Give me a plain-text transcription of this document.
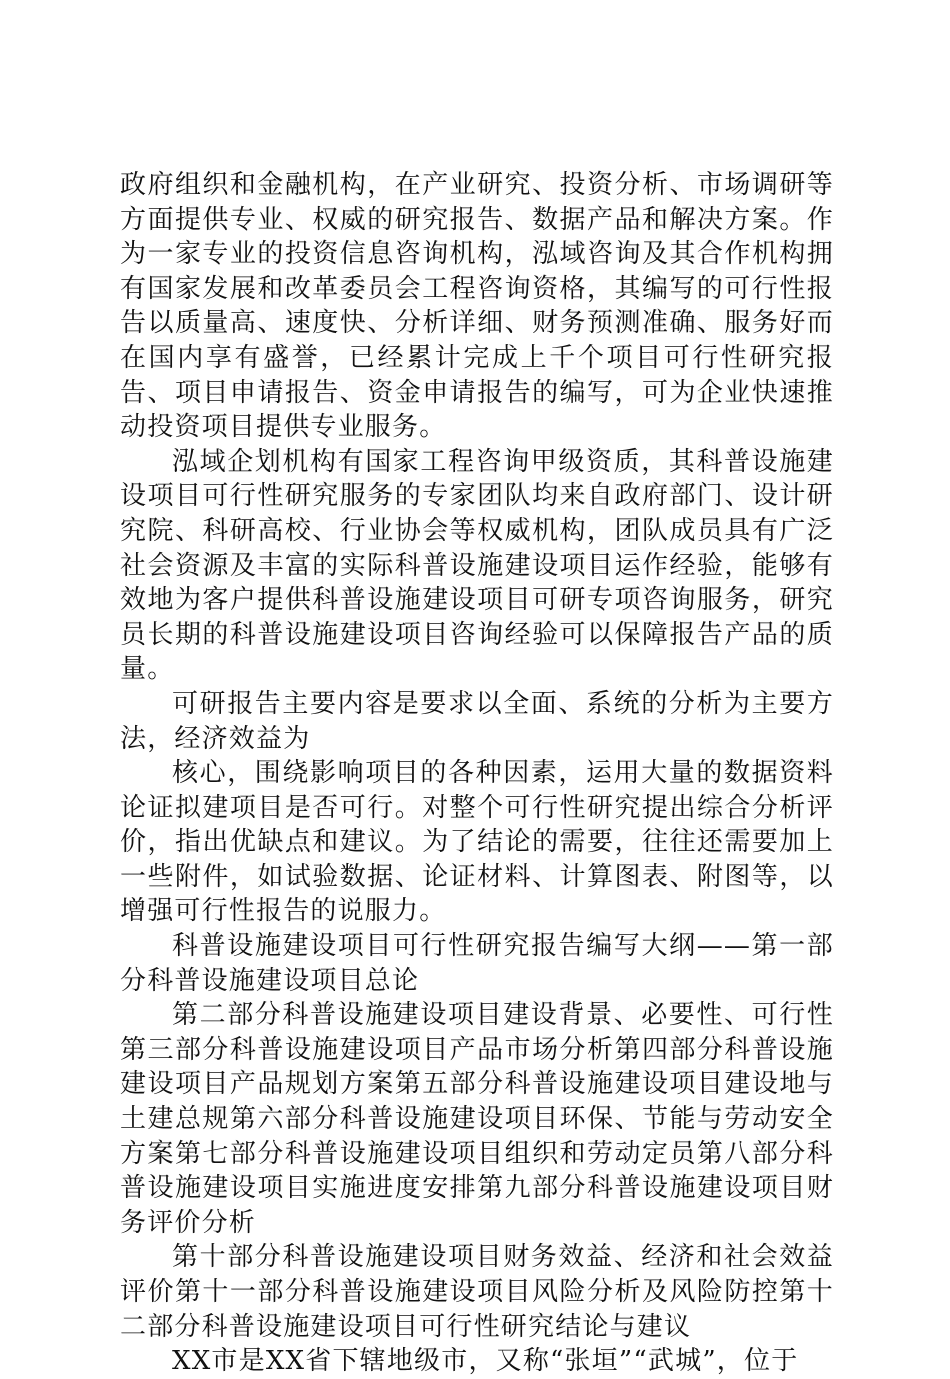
政府组织和金融机构，在产业研究、投资分析、市场调研等方面提供专业、权威的研究报告、数据产品和解决方案。作为一家专业的投资信息咨询机构，泓域咨询及其合作机构拥有国家发展和改革委员会工程咨询资格，其编写的可行性报告以质量高、速度快、分析详细、财务预测准确、服务好而在国内享有盛誉，已经累计完成上千个项目可行性研究报告、项目申请报告、资金申请报告的编写，可为企业快速推动投资项目提供专业服务。

泓域企划机构有国家工程咨询甲级资质，其科普设施建设项目可行性研究服务的专家团队均来自政府部门、设计研究院、科研高校、行业协会等权威机构，团队成员具有广泛社会资源及丰富的实际科普设施建设项目运作经验，能够有效地为客户提供科普设施建设项目可研专项咨询服务，研究员长期的科普设施建设项目咨询经验可以保障报告产品的质量。

可研报告主要内容是要求以全面、系统的分析为主要方法，经济效益为

核心，围绕影响项目的各种因素，运用大量的数据资料论证拟建项目是否可行。对整个可行性研究提出综合分析评价，指出优缺点和建议。为了结论的需要，往往还需要加上一些附件，如试验数据、论证材料、计算图表、附图等，以增强可行性报告的说服力。

科普设施建设项目可行性研究报告编写大纲——第一部分科普设施建设项目总论

第二部分科普设施建设项目建设背景、必要性、可行性第三部分科普设施建设项目产品市场分析第四部分科普设施建设项目产品规划方案第五部分科普设施建设项目建设地与土建总规第六部分科普设施建设项目环保、节能与劳动安全方案第七部分科普设施建设项目组织和劳动定员第八部分科普设施建设项目实施进度安排第九部分科普设施建设项目财务评价分析

第十部分科普设施建设项目财务效益、经济和社会效益评价第十一部分科普设施建设项目风险分析及风险防控第十二部分科普设施建设项目可行性研究结论与建议

XX市是XX省下辖地级市，又称“张垣”“武城”，位于
